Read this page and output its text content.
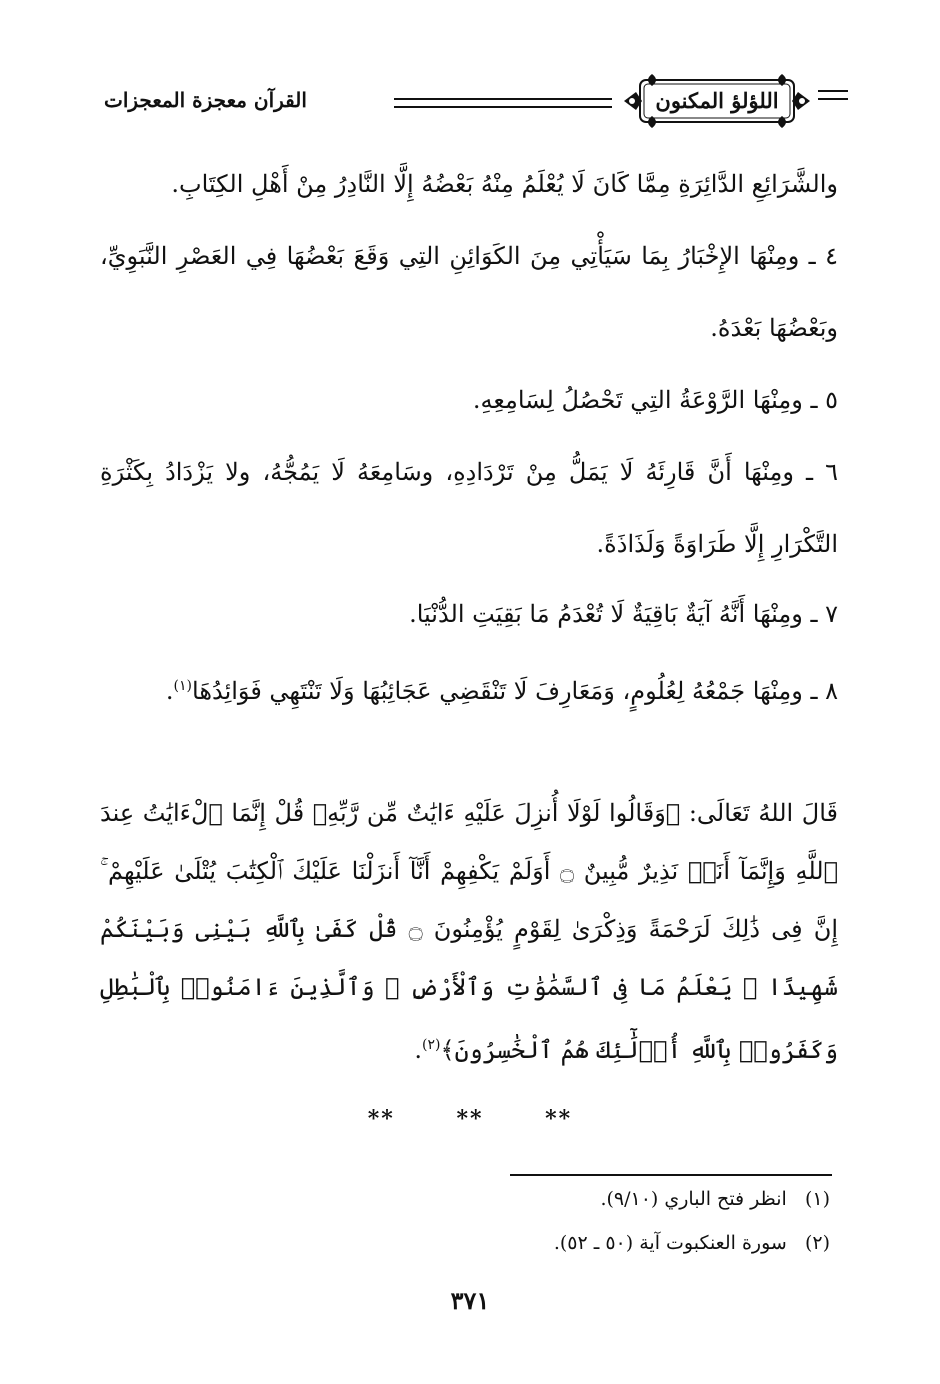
اللؤلؤ المكنون
القرآن معجزة المعجزات

والشَّرَائِعِ الدَّائِرَةِ مِمَّا كَانَ لَا يُعْلَمُ مِنْهُ بَعْضُهُ إِلَّا النَّادِرُ مِنْ أَهْلِ الكِتَابِ.

٤ ـ ومِنْهَا الإِخْبَارُ بِمَا سَيَأْتِي مِنَ الكَوَائِنِ التِي وَقَعَ بَعْضُهَا فِي العَصْرِ النَّبَوِيِّ، وبَعْضُهَا بَعْدَهُ.

٥ ـ ومِنْهَا الرَّوْعَةُ التِي تَحْصُلُ لِسَامِعِهِ.

٦ ـ ومِنْهَا أَنَّ قَارِئَهُ لَا يَمَلُّ مِنْ تَرْدَادِهِ، وسَامِعَهُ لَا يَمُجُّهُ، ولا يَزْدَادُ بِكَثْرَةِ التَّكْرَارِ إِلَّا طَرَاوَةً وَلَذَاذَةً.

٧ ـ ومِنْهَا أَنَّهُ آيَةٌ بَاقِيَةٌ لَا تُعْدَمُ مَا بَقِيَتِ الدُّنْيَا.

٨ ـ ومِنْهَا جَمْعُهُ لِعُلُومٍ، وَمَعَارِفَ لَا تَنْقَضِي عَجَائِبُهَا وَلَا تَنْتَهِي فَوَائِدُهَا$^{(١)}$.

قَالَ اللهُ تَعَالَى: ﴿وَقَالُوا لَوْلَا أُنزِلَ عَلَيْهِ ءَايَٰتٌ مِّن رَّبِّهِۦ قُلْ إِنَّمَا ٱلْءَايَٰتُ عِندَ ٱللَّهِ وَإِنَّمَآ أَنَا۠ نَذِيرٌ مُّبِينٌ ۝ أَوَلَمْ يَكْفِهِمْ أَنَّآ أَنزَلْنَا عَلَيْكَ ٱلْكِتَٰبَ يُتْلَىٰ عَلَيْهِمْ ۚ إِنَّ فِى ذَٰلِكَ لَرَحْمَةً وَذِكْرَىٰ لِقَوْمٍ يُؤْمِنُونَ ۝ قُلْ كَفَىٰ بِٱللَّهِ بَيْنِى وَبَيْنَكُمْ شَهِيدًا ۖ يَعْلَمُ مَا فِى ٱلسَّمَٰوَٰتِ وَٱلْأَرْضِ ۗ وَٱلَّذِينَ ءَامَنُوا۟ بِٱلْبَٰطِلِ وَكَفَرُوا۟ بِٱللَّهِ أُو۟لَٰٓئِكَ هُمُ ٱلْخَٰسِرُونَ﴾$^{(٢)}$.

**	**	**
(١)   انظر فتح الباري (٩/١٠).
(٢)   سورة العنكبوت آية (٥٠ ـ ٥٢).
٣٧١
